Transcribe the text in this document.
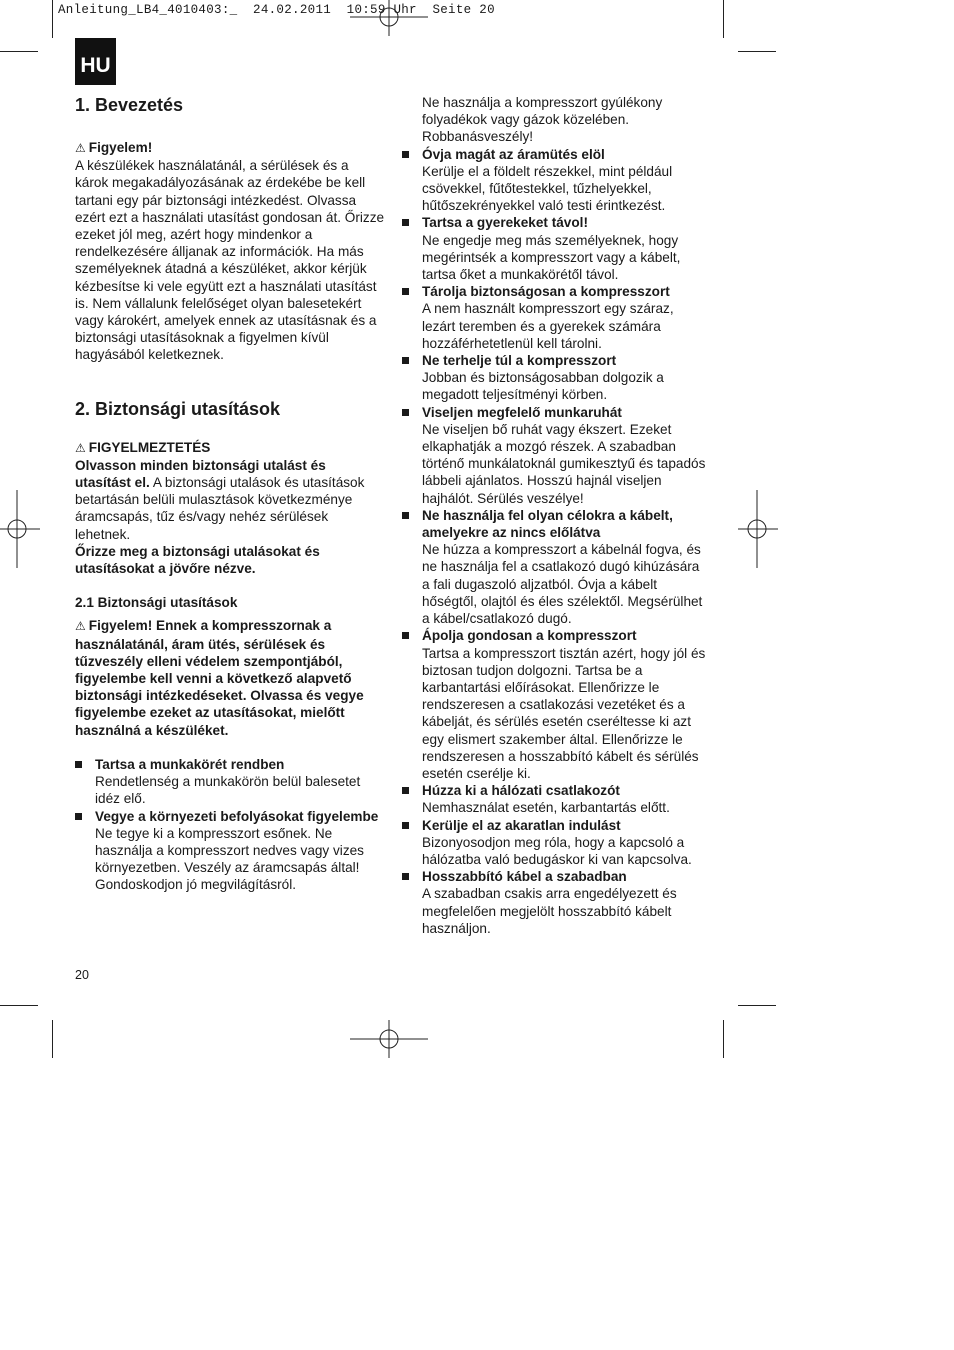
Anleitung_LB4_4010403:_  24.02.2011  10:59 Uhr  Seite 20
HU
1. Bevezetés

⚠ Figyelem!

A készülékek használatánál, a sérülések és a károk megakadályozásának az érdekébe be kell tartani egy pár biztonsági intézkedést. Olvassa ezért ezt a használati utasítást gondosan át. Őrizze ezeket jól meg, azért hogy mindenkor a rendelkezésére álljanak az információk. Ha más személyeknek átadná a készüléket, akkor kérjük kézbesítse ki vele együtt ezt a használati utasítást is. Nem vállalunk felelőséget olyan balesetekért vagy károkért, amelyek ennek az utasításnak és a biztonsági utasításoknak a figyelmen kívül hagyásából keletkeznek.

2. Biztonsági utasítások

⚠ FIGYELMEZTETÉS

Olvasson minden biztonsági utalást és utasítást el. A biztonsági utalások és utasítások betartásán belüli mulasztások következménye áramcsapás, tűz és/vagy nehéz sérülések lehetnek.

Őrizze meg a biztonsági utalásokat és utasításokat a jövőre nézve.

2.1 Biztonsági utasítások

⚠ Figyelem! Ennek a kompresszornak a használatánál, áram ütés, sérülések és tűzveszély elleni védelem szempontjából, figyelembe kell venni a következő alapvető biztonsági intézkedéseket. Olvassa és vegye figyelembe ezeket az utasításokat, mielőtt használná a készüléket.

Tartsa a munkakörét rendben

Rendetlenség a munkakörön belül balesetet idéz elő.

Vegye a környezeti befolyásokat figyelembe

Ne tegye ki a kompresszort esőnek. Ne használja a kompresszort nedves vagy vizes környezetben. Veszély az áramcsapás által!
Gondoskodjon jó megvilágításról.

Ne használja a kompresszort gyúlékony folyadékok vagy gázok közelében. Robbanásveszély!

Óvja magát az áramütés elöl

Kerülje el a földelt részekkel, mint például csövekkel, fűtőtestekkel, tűzhelyekkel, hűtőszekrényekkel való testi érintkezést.

Tartsa a gyerekeket távol!

Ne engedje meg más személyeknek, hogy megérintsék a kompresszort vagy a kábelt, tartsa őket a munkakörétől távol.

Tárolja biztonságosan a kompresszort

A nem használt kompresszort egy száraz, lezárt teremben és a gyerekek számára hozzáférhetetlenül kell tárolni.

Ne terhelje túl a kompresszort

Jobban és biztonságosabban dolgozik a megadott teljesítményi körben.

Viseljen megfelelő munkaruhát

Ne viseljen bő ruhát vagy ékszert. Ezeket elkaphatják a mozgó részek. A szabadban történő munkálatoknál gumikesztyű és tapadós lábbeli ajánlatos. Hosszú hajnál viseljen hajhálót. Sérülés veszélye!

Ne használja fel olyan célokra a kábelt, amelyekre az nincs előlátva

Ne húzza a kompresszort a kábelnál fogva, és ne használja fel a csatlakozó dugó kihúzására a fali dugaszoló aljzatból. Óvja a kábelt hőségtől, olajtól és éles szélektől. Megsérülhet a kábel/csatlakozó dugó.

Ápolja gondosan a kompresszort

Tartsa a kompresszort tisztán azért, hogy jól és biztosan tudjon dolgozni. Tartsa be a karbantartási előírásokat. Ellenőrizze le rendszeresen a csatlakozási vezetéket és a kábelját, és sérülés esetén cseréltesse ki azt egy elismert szakember által. Ellenőrizze le rendszeresen a hosszabbító kábelt és sérülés esetén cserélje ki.

Húzza ki a hálózati csatlakozót

Nemhasználat esetén, karbantartás előtt.

Kerülje el az akaratlan indulást

Bizonyosodjon meg róla, hogy a kapcsoló a hálózatba való bedugáskor ki van kapcsolva.

Hosszabbító kábel a szabadban

A szabadban csakis arra engedélyezett és megfelelően megjelölt hosszabbító kábelt használjon.

20
